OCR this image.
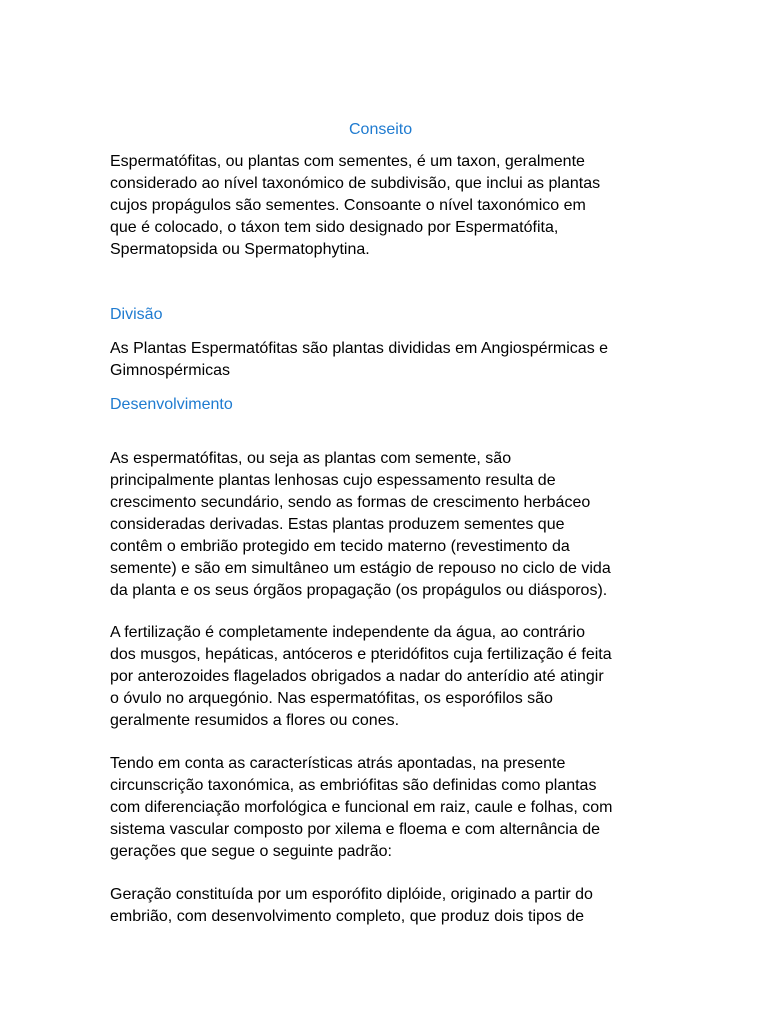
Conseito

Espermatófitas, ou plantas com sementes, é um taxon, geralmente
considerado ao nível taxonómico de subdivisão, que inclui as plantas
cujos propágulos são sementes. Consoante o nível taxonómico em
que é colocado, o táxon tem sido designado por Espermatófita,
Spermatopsida ou Spermatophytina.

Divisão

As Plantas Espermatófitas são plantas divididas em Angiospérmicas e
Gimnospérmicas

Desenvolvimento

As espermatófitas, ou seja as plantas com semente, são
principalmente plantas lenhosas cujo espessamento resulta de
crescimento secundário, sendo as formas de crescimento herbáceo
consideradas derivadas. Estas plantas produzem sementes que
contêm o embrião protegido em tecido materno (revestimento da
semente) e são em simultâneo um estágio de repouso no ciclo de vida
da planta e os seus órgãos propagação (os propágulos ou diásporos).

A fertilização é completamente independente da água, ao contrário
dos musgos, hepáticas, antóceros e pteridófitos cuja fertilização é feita
por anterozoides flagelados obrigados a nadar do anterídio até atingir
o óvulo no arquegónio. Nas espermatófitas, os esporófilos são
geralmente resumidos a flores ou cones.

Tendo em conta as características atrás apontadas, na presente
circunscrição taxonómica, as embriófitas são definidas como plantas
com diferenciação morfológica e funcional em raiz, caule e folhas, com
sistema vascular composto por xilema e floema e com alternância de
gerações que segue o seguinte padrão:

Geração constituída por um esporófito diplóide, originado a partir do
embrião, com desenvolvimento completo, que produz dois tipos de
